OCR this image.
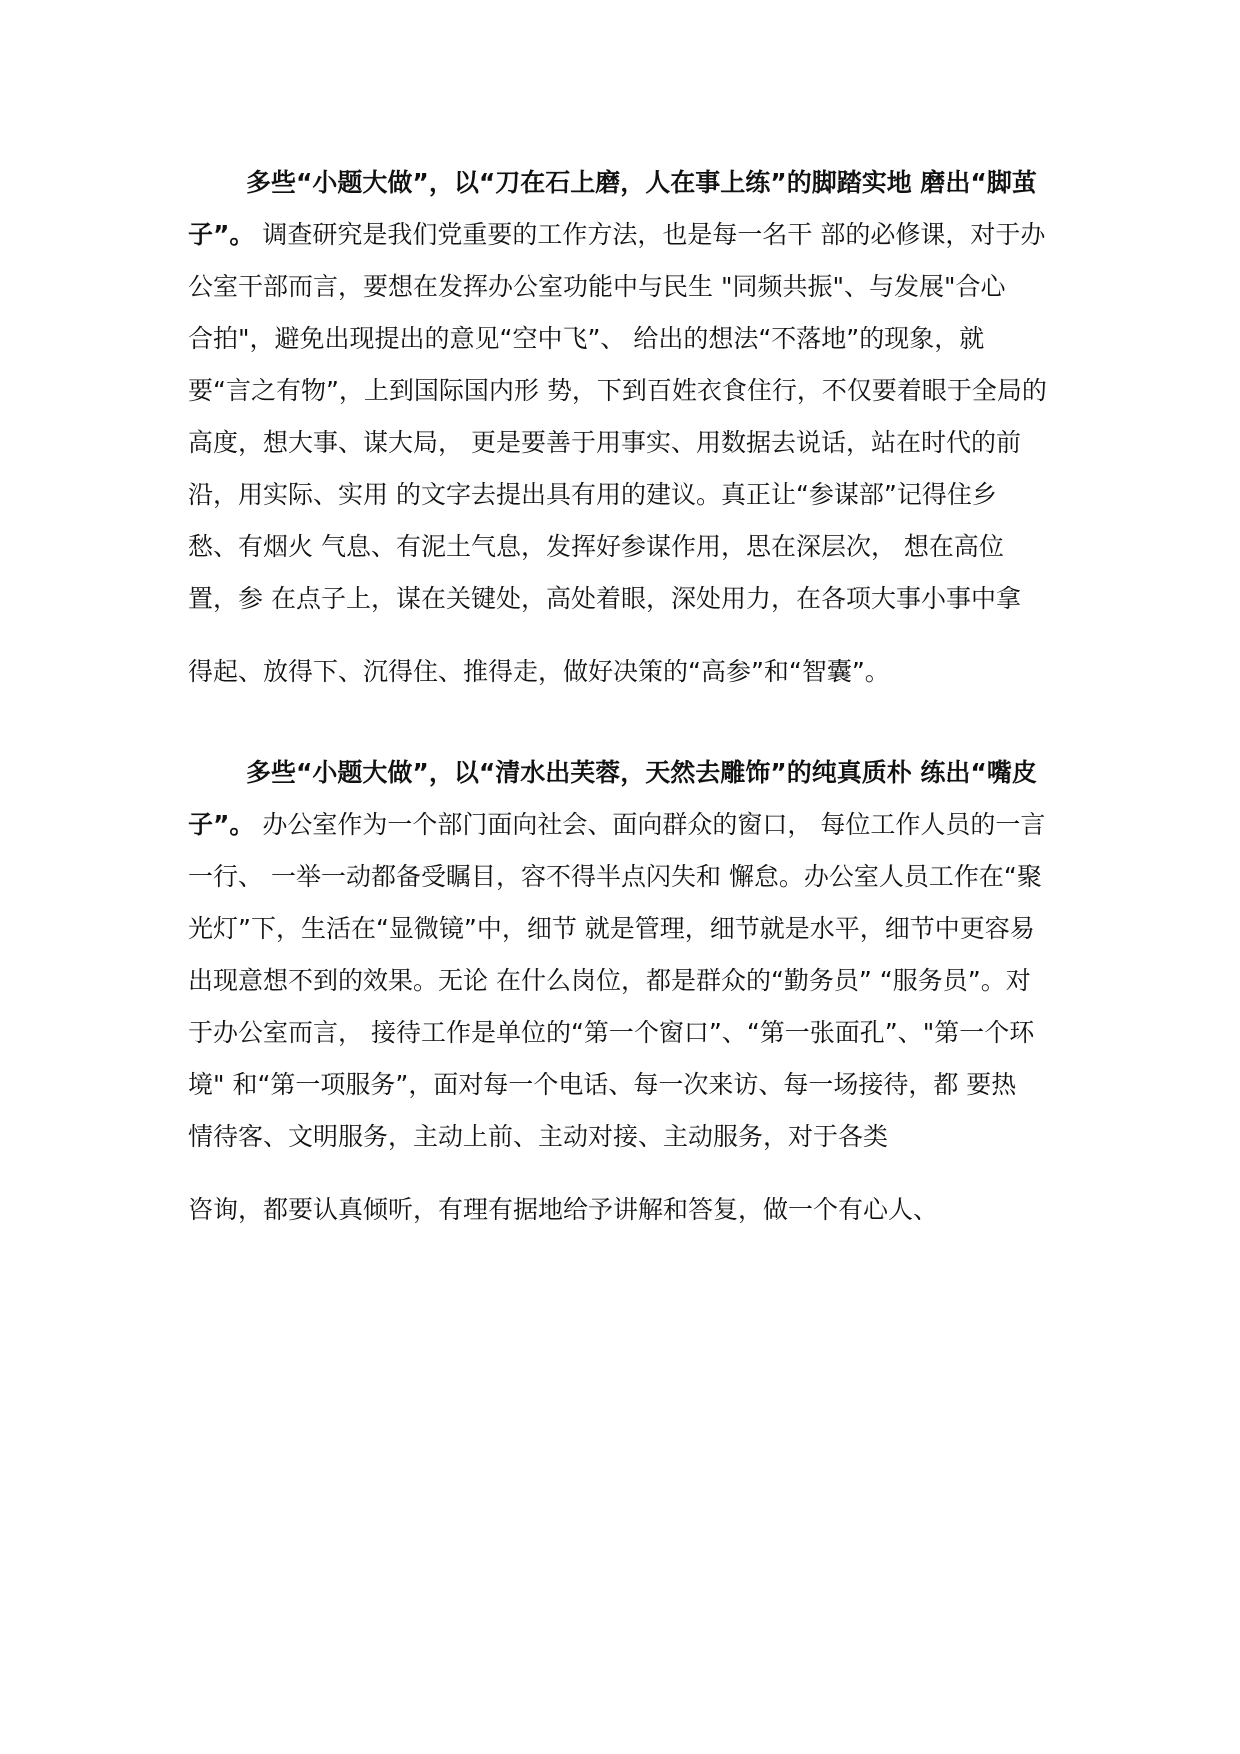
多些“小题大做”，以“刀在石上磨，人在事上练”的脚踏实地 磨出“脚茧
子”。 调查研究是我们党重要的工作方法，也是每一名干 部的必修课，对于办
公室干部而言，要想在发挥办公室功能中与民生 "同频共振"、与发展"合心
合拍"，避免出现提出的意见“空中飞”、 给出的想法“不落地”的现象，就
要“言之有物”，上到国际国内形 势，下到百姓衣食住行，不仅要着眼于全局的
高度，想大事、谋大局， 更是要善于用事实、用数据去说话，站在时代的前
沿，用实际、实用 的文字去提出具有用的建议。真正让“参谋部”记得住乡
愁、有烟火 气息、有泥土气息，发挥好参谋作用，思在深层次， 想在高位
置，参 在点子上，谋在关键处，高处着眼，深处用力，在各项大事小事中拿
得起、放得下、沉得住、推得走，做好决策的“高参”和“智囊”。
多些“小题大做”，以“清水出芙蓉，天然去雕饰”的纯真质朴 练出“嘴皮
子”。 办公室作为一个部门面向社会、面向群众的窗口， 每位工作人员的一言
一行、 一举一动都备受瞩目，容不得半点闪失和 懈怠。办公室人员工作在“聚
光灯”下，生活在“显微镜”中，细节 就是管理，细节就是水平，细节中更容易
出现意想不到的效果。无论 在什么岗位，都是群众的“勤务员” “服务员”。对
于办公室而言， 接待工作是单位的“第一个窗口”、“第一张面孔”、"第一个环
境" 和“第一项服务”，面对每一个电话、每一次来访、每一场接待，都 要热
情待客、文明服务，主动上前、主动对接、主动服务，对于各类
咨询，都要认真倾听，有理有据地给予讲解和答复，做一个有心人、
